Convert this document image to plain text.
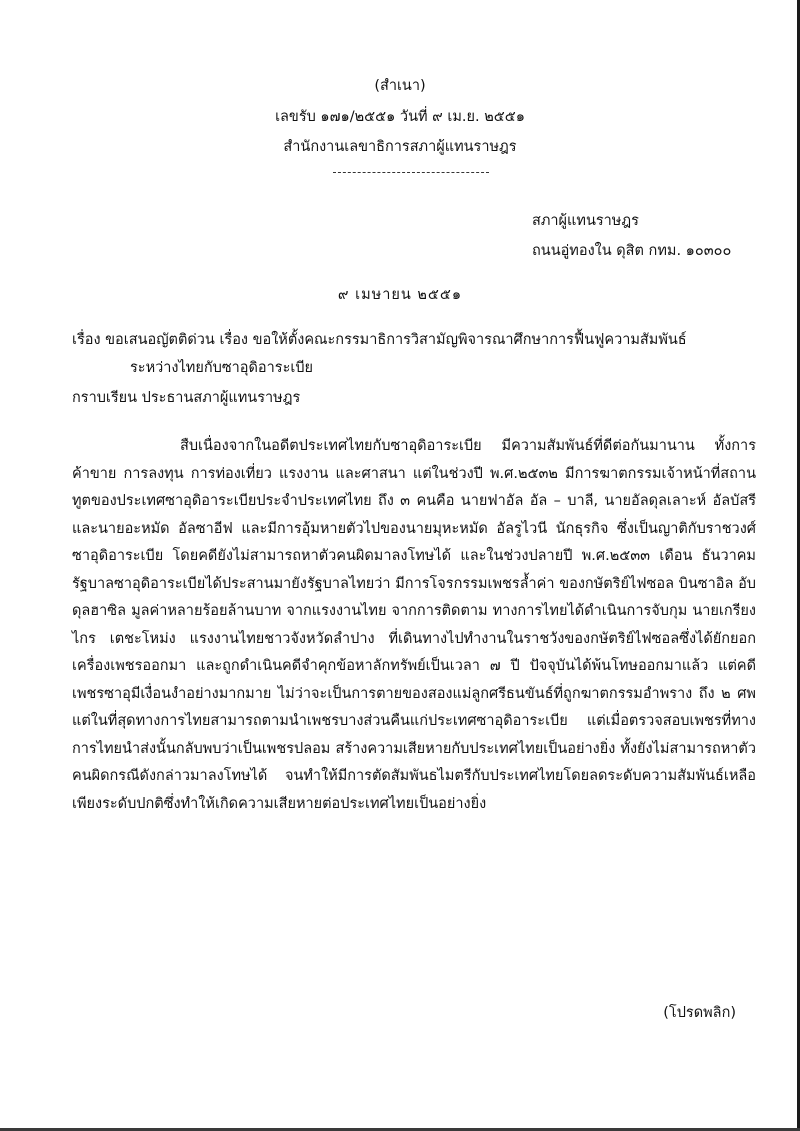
(สำเนา)
เลขรับ ๑๗๑/๒๕๕๑ วันที่ ๙ เม.ย. ๒๕๕๑
สำนักงานเลขาธิการสภาผู้แทนราษฎร
สภาผู้แทนราษฎร
ถนนอู่ทองใน ดุสิต กทม. ๑๐๓๐๐
๙ เมษายน ๒๕๕๑
เรื่อง ขอเสนอญัตติด่วน เรื่อง ขอให้ตั้งคณะกรรมาธิการวิสามัญพิจารณาศึกษาการฟื้นฟูความสัมพันธ์
ระหว่างไทยกับซาอุดิอาระเบีย
กราบเรียน ประธานสภาผู้แทนราษฎร

สืบเนื่องจากในอดีตประเทศไทยกับซาอุดิอาระเบีย มีความสัมพันธ์ที่ดีต่อกันมานาน ทั้งการค้าขาย การลงทุน การท่องเที่ยว แรงงาน และศาสนา แต่ในช่วงปี พ.ศ.๒๕๓๒ มีการฆาตกรรมเจ้าหน้าที่สถานทูตของประเทศซาอุดิอาระเบียประจำประเทศไทย ถึง ๓ คนคือ นายฟาอัล อัล – บาลี, นายอัลดุลเลาะห์ อัลบัสรี และนายอะหมัด อัลซาอีฟ และมีการอุ้มหายตัวไปของนายมุหะหมัด อัลรูไวนี นักธุรกิจ ซึ่งเป็นญาติกับราชวงศ์ซาอุดิอาระเบีย โดยคดียังไม่สามารถหาตัวคนผิดมาลงโทษได้ และในช่วงปลายปี พ.ศ.๒๕๓๓ เดือน ธันวาคม รัฐบาลซาอุดิอาระเบียได้ประสานมายังรัฐบาลไทยว่า มีการโจรกรรมเพชรล้ำค่า ของกษัตริย์ไฟซอล บินซาอิล อับดุลฮาซิล มูลค่าหลายร้อยล้านบาท จากแรงงานไทย จากการติดตาม ทางการไทยได้ดำเนินการจับกุม นายเกรียงไกร เตชะโหม่ง แรงงานไทยชาวจังหวัดลำปาง ที่เดินทางไปทำงานในราชวังของกษัตริย์ไฟซอลซึ่งได้ยักยอกเครื่องเพชรออกมา และถูกดำเนินคดีจำคุกข้อหาลักทรัพย์เป็นเวลา ๗ ปี ปัจจุบันได้พ้นโทษออกมาแล้ว แต่คดีเพชรซาอุมีเงื่อนงำอย่างมากมาย ไม่ว่าจะเป็นการตายของสองแม่ลูกศรีธนขันธ์ที่ถูกฆาตกรรมอำพราง ถึง ๒ ศพ แต่ในที่สุดทางการไทยสามารถตามนำเพชรบางส่วนคืนแก่ประเทศซาอุดิอาระเบีย แต่เมื่อตรวจสอบเพชรที่ทางการไทยนำส่งนั้นกลับพบว่าเป็นเพชรปลอม สร้างความเสียหายกับประเทศไทยเป็นอย่างยิ่ง ทั้งยังไม่สามารถหาตัวคนผิดกรณีดังกล่าวมาลงโทษได้ จนทำให้มีการตัดสัมพันธไมตรีกับประเทศไทยโดยลดระดับความสัมพันธ์เหลือเพียงระดับปกติซึ่งทำให้เกิดความเสียหายต่อประเทศไทยเป็นอย่างยิ่ง

(โปรดพลิก)
